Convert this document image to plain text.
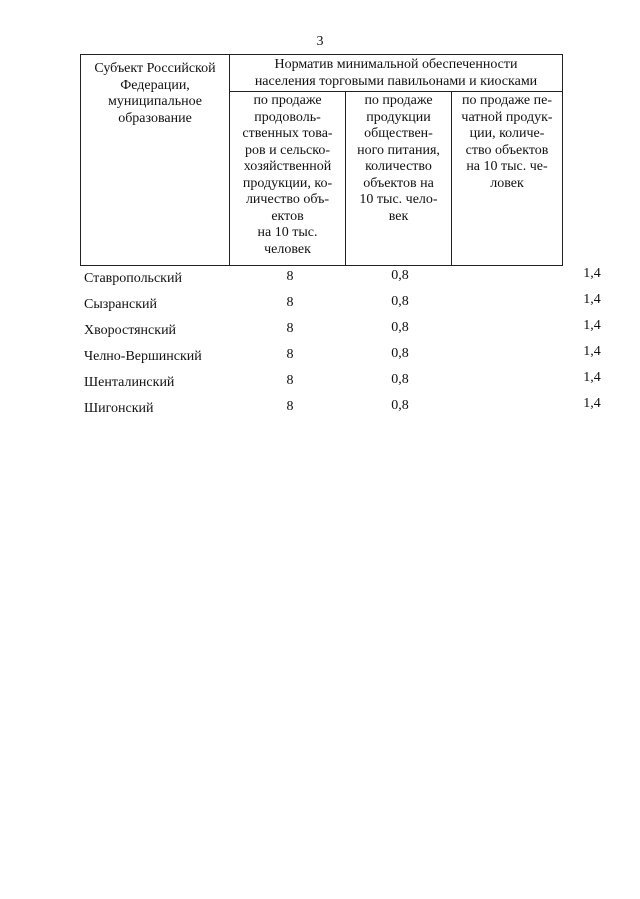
3
Субъект Российской
Федерации,
муниципальное
образование
Норматив минимальной обеспеченности
населения торговыми павильонами и киосками
по продаже
продоволь-
ственных това-
ров и сельско-
хозяйственной
продукции, ко-
личество объ-
ектов
на 10 тыс.
человек
по продаже
продукции
обществен-
ного питания,
количество
объектов на
10 тыс. чело-
век
по продаже пе-
чатной продук-
ции, количе-
ство объектов
на 10 тыс. че-
ловек
Ставропольский	8	0,8	1,4
Сызранский	8	0,8	1,4
Хворостянский	8	0,8	1,4
Челно-Вершинский	8	0,8	1,4
Шенталинский	8	0,8	1,4
Шигонский	8	0,8	1,4
